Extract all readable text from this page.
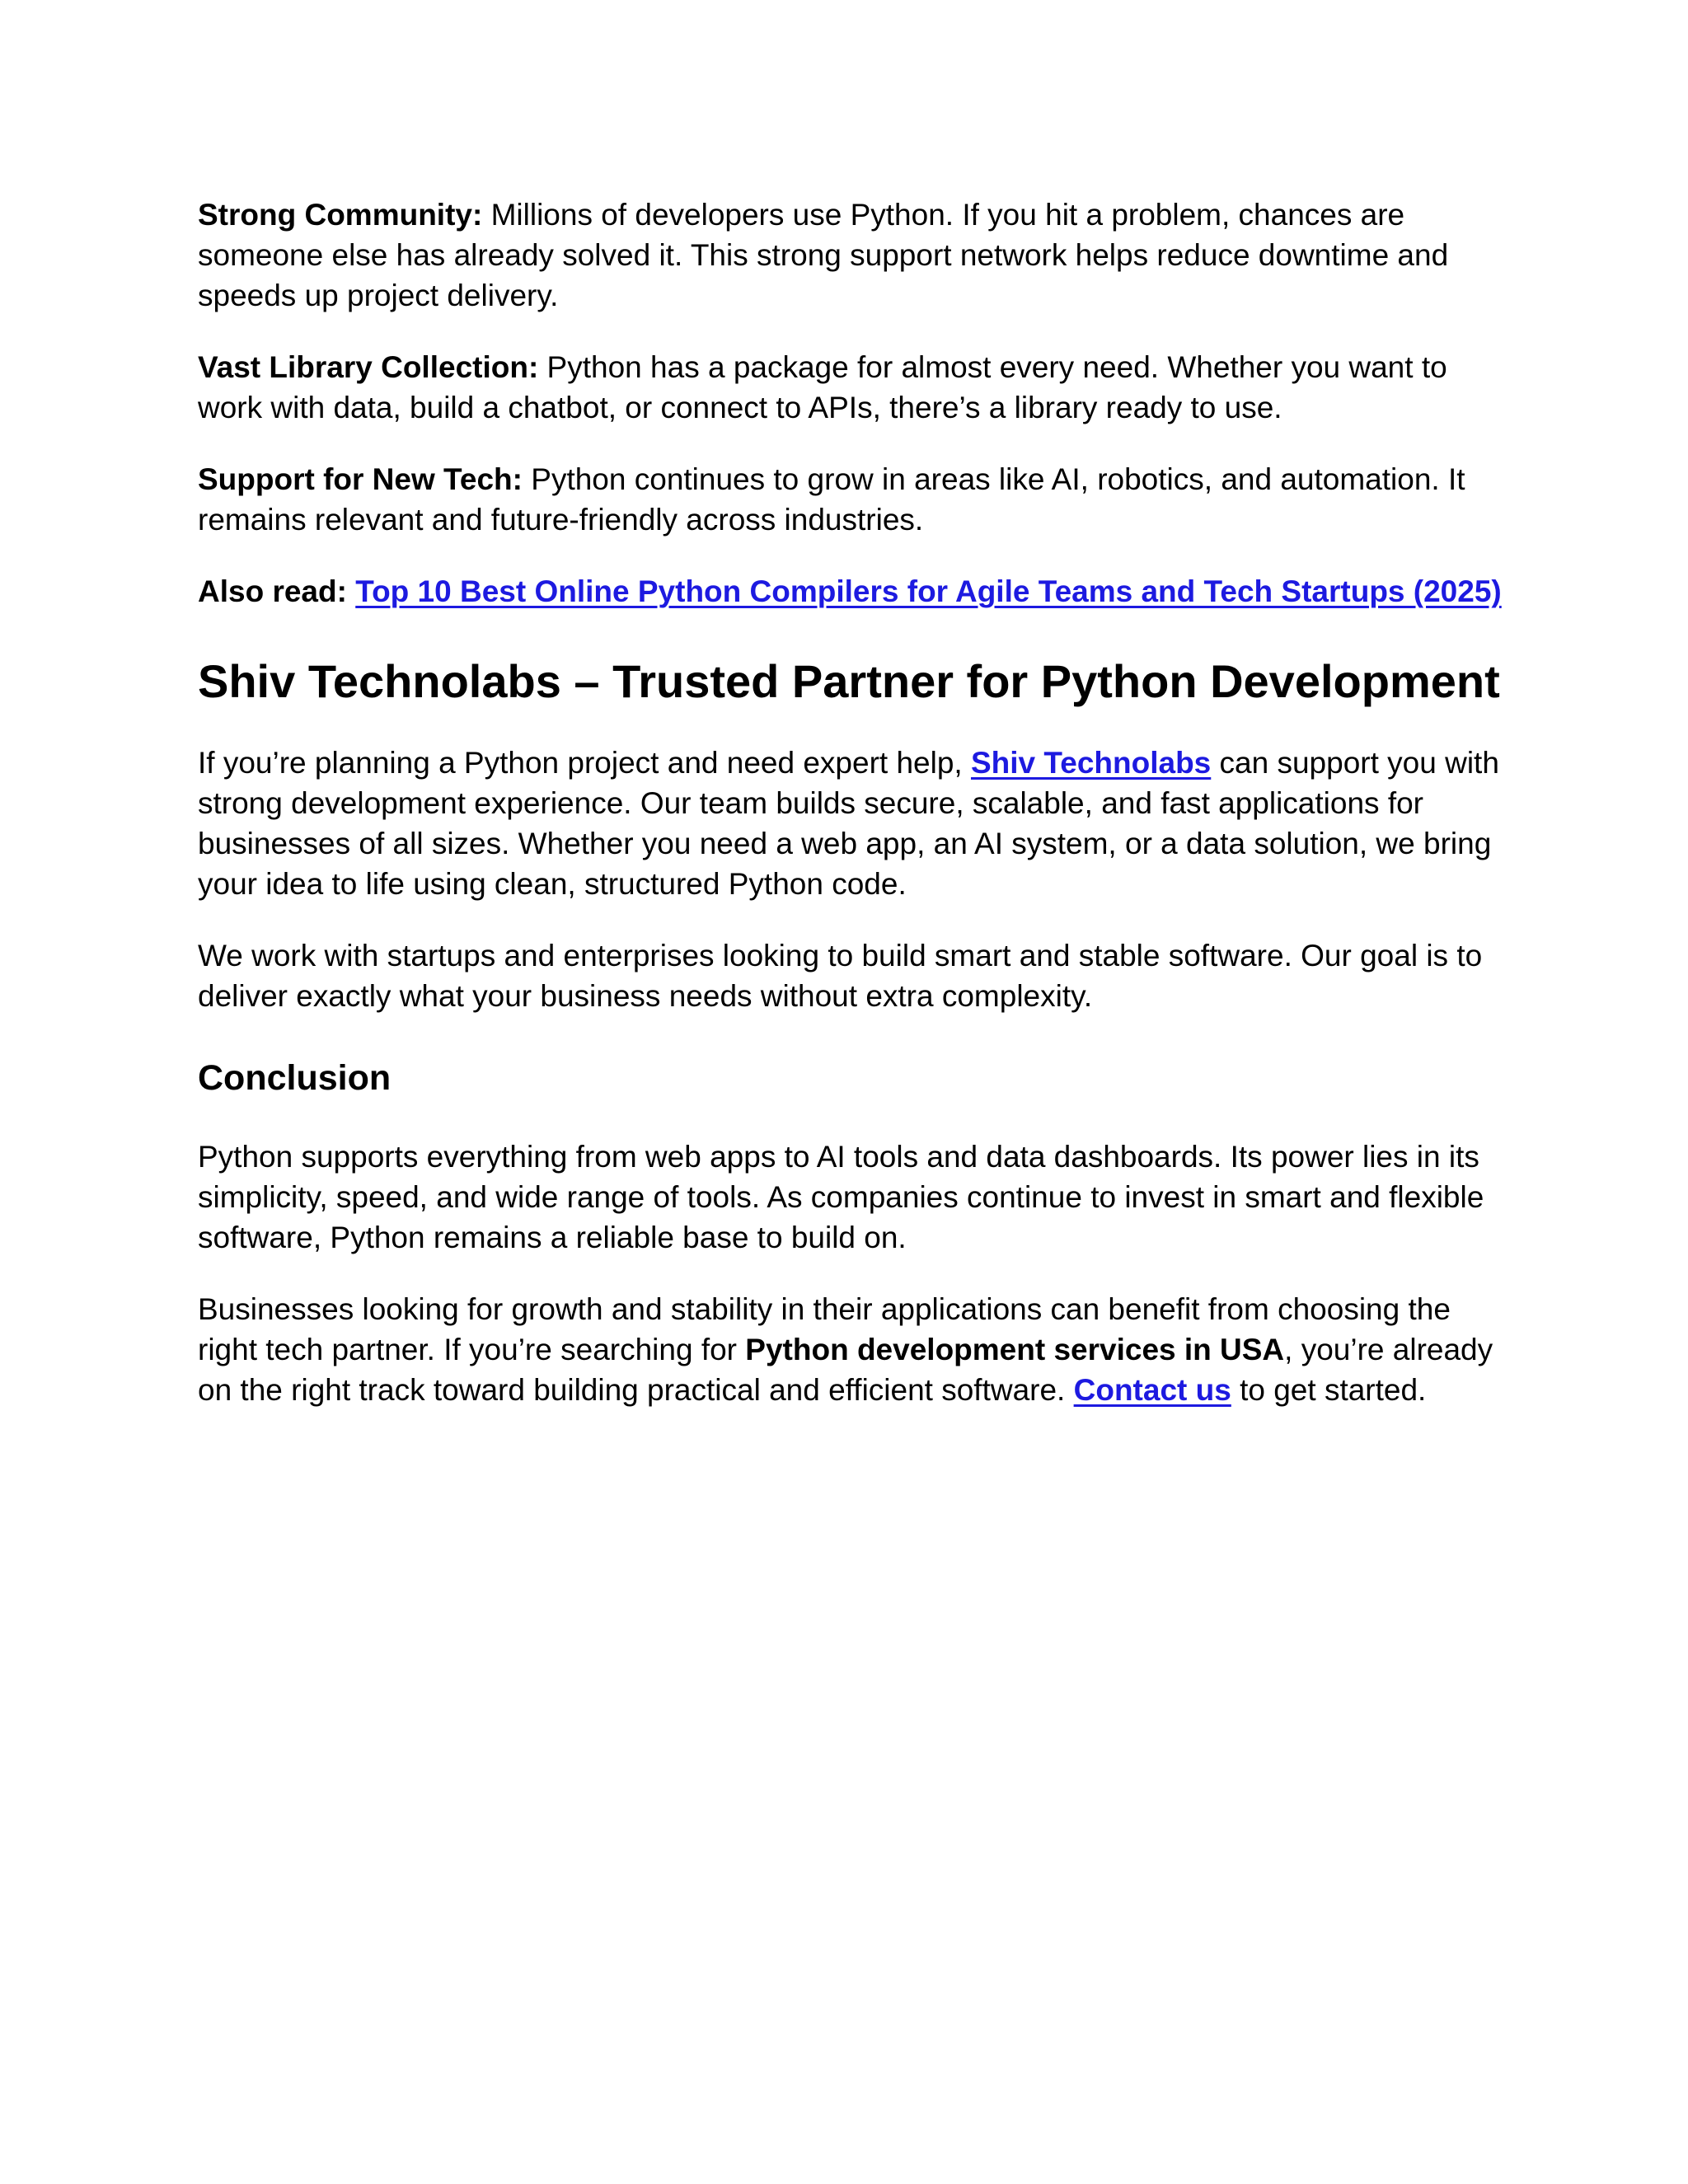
Strong Community: Millions of developers use Python. If you hit a problem, chances are someone else has already solved it. This strong support network helps reduce downtime and speeds up project delivery.

Vast Library Collection: Python has a package for almost every need. Whether you want to work with data, build a chatbot, or connect to APIs, there’s a library ready to use.

Support for New Tech: Python continues to grow in areas like AI, robotics, and automation. It remains relevant and future-friendly across industries.

Also read: Top 10 Best Online Python Compilers for Agile Teams and Tech Startups (2025)

Shiv Technolabs – Trusted Partner for Python Development

If you’re planning a Python project and need expert help, Shiv Technolabs can support you with strong development experience. Our team builds secure, scalable, and fast applications for businesses of all sizes. Whether you need a web app, an AI system, or a data solution, we bring your idea to life using clean, structured Python code.

We work with startups and enterprises looking to build smart and stable software. Our goal is to deliver exactly what your business needs without extra complexity.

Conclusion

Python supports everything from web apps to AI tools and data dashboards. Its power lies in its simplicity, speed, and wide range of tools. As companies continue to invest in smart and flexible software, Python remains a reliable base to build on.

Businesses looking for growth and stability in their applications can benefit from choosing the right tech partner. If you’re searching for Python development services in USA, you’re already on the right track toward building practical and efficient software. Contact us to get started.
